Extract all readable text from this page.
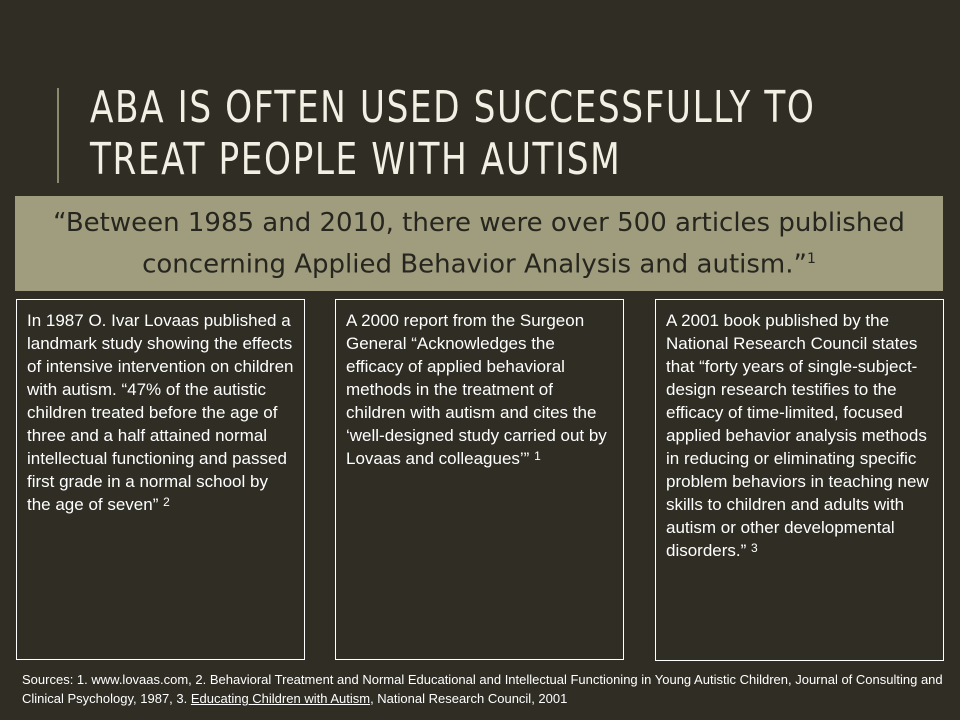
ABA IS OFTEN USED SUCCESSFULLY TO
TREAT PEOPLE WITH AUTISM
“Between 1985 and 2010, there were over 500 articles published
concerning Applied Behavior Analysis and autism.”$^1$
In 1987 O. Ivar Lovaas published a landmark study showing the effects of intensive intervention on children with autism. “47% of the autistic children treated before the age of three and a half attained normal intellectual functioning and passed first grade in a normal school by the age of seven” $^2$
A 2000 report from the Surgeon General “Acknowledges the efficacy of applied behavioral methods in the treatment of children with autism and cites the ‘well-designed study carried out by Lovaas and colleagues’” $^1$
A 2001 book published by the National Research Council states that “forty years of single-subject-design research testifies to the efficacy of time-limited, focused applied behavior analysis methods in reducing or eliminating specific problem behaviors in teaching new skills to children and adults with autism or other developmental disorders.” $^3$
Sources: 1. www.lovaas.com, 2. Behavioral Treatment and Normal Educational and Intellectual Functioning in Young Autistic Children, Journal of Consulting and Clinical Psychology, 1987, 3. Educating Children with Autism, National Research Council, 2001
